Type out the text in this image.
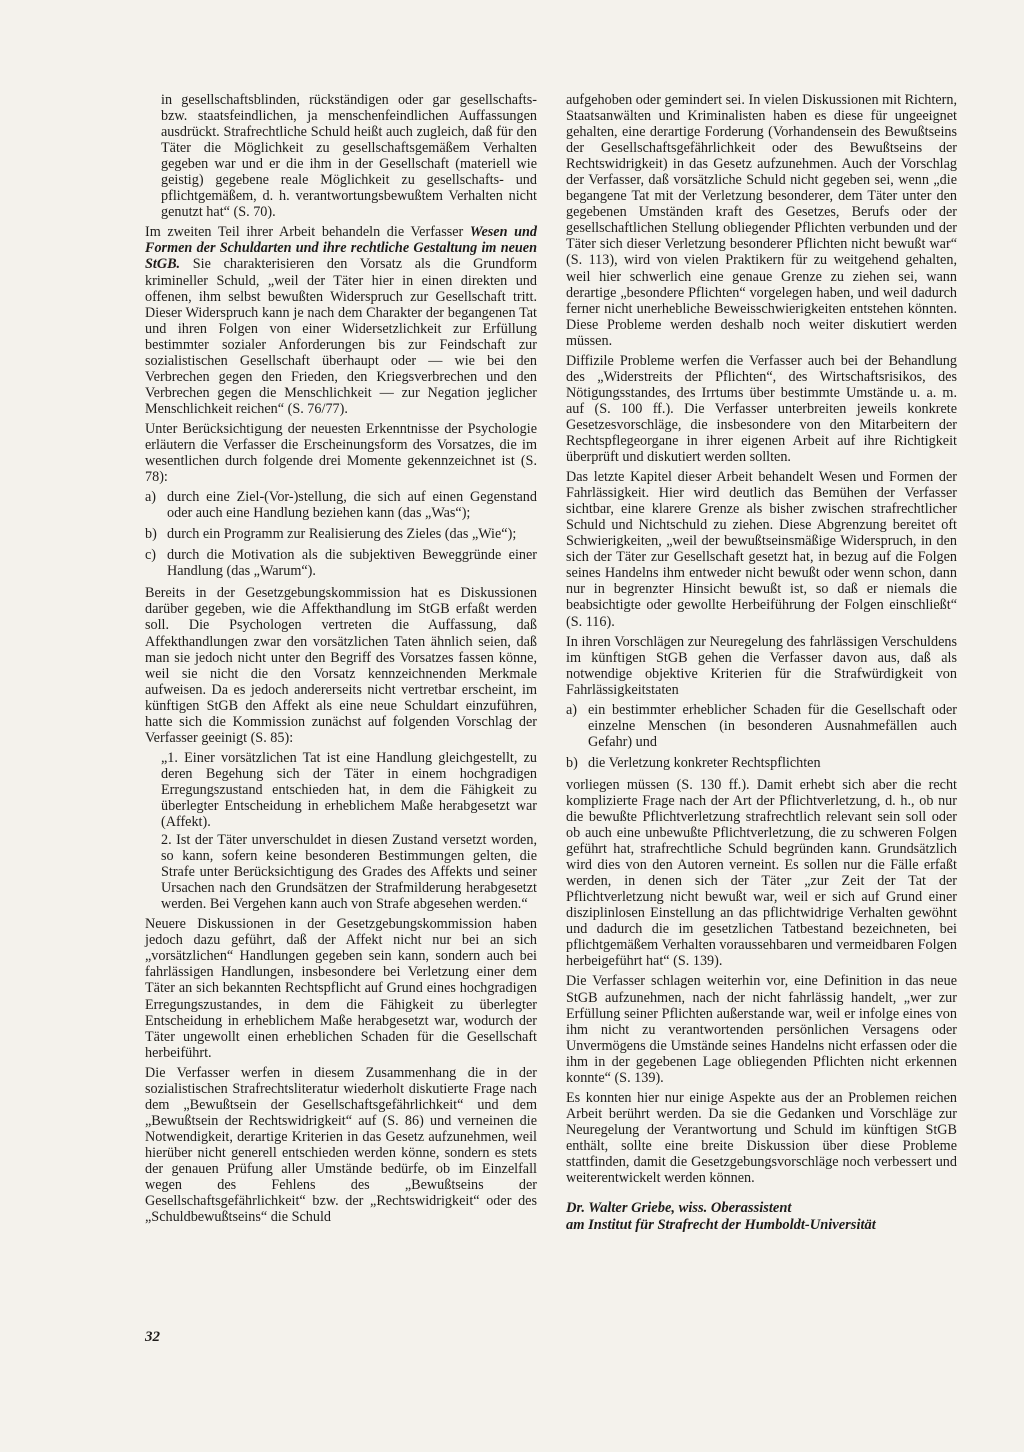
in gesellschaftsblinden, rückständigen oder gar gesellschafts- bzw. staatsfeindlichen, ja menschenfeindlichen Auffassungen ausdrückt. Strafrechtliche Schuld heißt auch zugleich, daß für den Täter die Möglichkeit zu gesellschaftsgemäßem Verhalten gegeben war und er die ihm in der Gesellschaft (materiell wie geistig) gegebene reale Möglichkeit zu gesellschafts- und pflichtgemäßem, d. h. verantwortungsbewußtem Verhalten nicht genutzt hat“ (S. 70).

Im zweiten Teil ihrer Arbeit behandeln die Verfasser Wesen und Formen der Schuldarten und ihre rechtliche Gestaltung im neuen StGB. Sie charakterisieren den Vorsatz als die Grundform krimineller Schuld, „weil der Täter hier in einen direkten und offenen, ihm selbst bewußten Widerspruch zur Gesellschaft tritt. Dieser Widerspruch kann je nach dem Charakter der begangenen Tat und ihren Folgen von einer Widersetzlichkeit zur Erfüllung bestimmter sozialer Anforderungen bis zur Feindschaft zur sozialistischen Gesellschaft überhaupt oder — wie bei den Verbrechen gegen den Frieden, den Kriegsverbrechen und den Verbrechen gegen die Menschlichkeit — zur Negation jeglicher Menschlichkeit reichen“ (S. 76/77).

Unter Berücksichtigung der neuesten Erkenntnisse der Psychologie erläutern die Verfasser die Erscheinungsform des Vorsatzes, die im wesentlichen durch folgende drei Momente gekennzeichnet ist (S. 78):

a) durch eine Ziel-(Vor-)stellung, die sich auf einen Gegenstand oder auch eine Handlung beziehen kann (das „Was“);
b) durch ein Programm zur Realisierung des Zieles (das „Wie“);
c) durch die Motivation als die subjektiven Beweggründe einer Handlung (das „Warum“).

Bereits in der Gesetzgebungskommission hat es Diskussionen darüber gegeben, wie die Affekthandlung im StGB erfaßt werden soll. Die Psychologen vertreten die Auffassung, daß Affekthandlungen zwar den vorsätzlichen Taten ähnlich seien, daß man sie jedoch nicht unter den Begriff des Vorsatzes fassen könne, weil sie nicht die den Vorsatz kennzeichnenden Merkmale aufweisen. Da es jedoch andererseits nicht vertretbar erscheint, im künftigen StGB den Affekt als eine neue Schuldart einzuführen, hatte sich die Kommission zunächst auf folgenden Vorschlag der Verfasser geeinigt (S. 85):

„1. Einer vorsätzlichen Tat ist eine Handlung gleichgestellt, zu deren Begehung sich der Täter in einem hochgradigen Erregungszustand entschieden hat, in dem die Fähigkeit zu überlegter Entscheidung in erheblichem Maße herabgesetzt war (Affekt).

2. Ist der Täter unverschuldet in diesen Zustand versetzt worden, so kann, sofern keine besonderen Bestimmungen gelten, die Strafe unter Berücksichtigung des Grades des Affekts und seiner Ursachen nach den Grundsätzen der Strafmilderung herabgesetzt werden. Bei Vergehen kann auch von Strafe abgesehen werden.“

Neuere Diskussionen in der Gesetzgebungskommission haben jedoch dazu geführt, daß der Affekt nicht nur bei an sich „vorsätzlichen“ Handlungen gegeben sein kann, sondern auch bei fahrlässigen Handlungen, insbesondere bei Verletzung einer dem Täter an sich bekannten Rechtspflicht auf Grund eines hochgradigen Erregungszustandes, in dem die Fähigkeit zu überlegter Entscheidung in erheblichem Maße herabgesetzt war, wodurch der Täter ungewollt einen erheblichen Schaden für die Gesellschaft herbeiführt.

Die Verfasser werfen in diesem Zusammenhang die in der sozialistischen Strafrechtsliteratur wiederholt diskutierte Frage nach dem „Bewußtsein der Gesellschaftsgefährlichkeit“ und dem „Bewußtsein der Rechtswidrigkeit“ auf (S. 86) und verneinen die Notwendigkeit, derartige Kriterien in das Gesetz aufzunehmen, weil hierüber nicht generell entschieden werden könne, sondern es stets der genauen Prüfung aller Umstände bedürfe, ob im Einzelfall wegen des Fehlens des „Bewußtseins der Gesellschaftsgefährlichkeit“ bzw. der „Rechtswidrigkeit“ oder des „Schuldbewußtseins“ die Schuld

aufgehoben oder gemindert sei. In vielen Diskussionen mit Richtern, Staatsanwälten und Kriminalisten haben es diese für ungeeignet gehalten, eine derartige Forderung (Vorhandensein des Bewußtseins der Gesellschaftsgefährlichkeit oder des Bewußtseins der Rechtswidrigkeit) in das Gesetz aufzunehmen. Auch der Vorschlag der Verfasser, daß vorsätzliche Schuld nicht gegeben sei, wenn „die begangene Tat mit der Verletzung besonderer, dem Täter unter den gegebenen Umständen kraft des Gesetzes, Berufs oder der gesellschaftlichen Stellung obliegender Pflichten verbunden und der Täter sich dieser Verletzung besonderer Pflichten nicht bewußt war“ (S. 113), wird von vielen Praktikern für zu weitgehend gehalten, weil hier schwerlich eine genaue Grenze zu ziehen sei, wann derartige „besondere Pflichten“ vorgelegen haben, und weil dadurch ferner nicht unerhebliche Beweisschwierigkeiten entstehen könnten. Diese Probleme werden deshalb noch weiter diskutiert werden müssen.

Diffizile Probleme werfen die Verfasser auch bei der Behandlung des „Widerstreits der Pflichten“, des Wirtschaftsrisikos, des Nötigungsstandes, des Irrtums über bestimmte Umstände u. a. m. auf (S. 100 ff.). Die Verfasser unterbreiten jeweils konkrete Gesetzesvorschläge, die insbesondere von den Mitarbeitern der Rechtspflegeorgane in ihrer eigenen Arbeit auf ihre Richtigkeit überprüft und diskutiert werden sollten.

Das letzte Kapitel dieser Arbeit behandelt Wesen und Formen der Fahrlässigkeit. Hier wird deutlich das Bemühen der Verfasser sichtbar, eine klarere Grenze als bisher zwischen strafrechtlicher Schuld und Nichtschuld zu ziehen. Diese Abgrenzung bereitet oft Schwierigkeiten, „weil der bewußtseinsmäßige Widerspruch, in den sich der Täter zur Gesellschaft gesetzt hat, in bezug auf die Folgen seines Handelns ihm entweder nicht bewußt oder wenn schon, dann nur in begrenzter Hinsicht bewußt ist, so daß er niemals die beabsichtigte oder gewollte Herbeiführung der Folgen einschließt“ (S. 116).

In ihren Vorschlägen zur Neuregelung des fahrlässigen Verschuldens im künftigen StGB gehen die Verfasser davon aus, daß als notwendige objektive Kriterien für die Strafwürdigkeit von Fahrlässigkeitstaten

a) ein bestimmter erheblicher Schaden für die Gesellschaft oder einzelne Menschen (in besonderen Ausnahmefällen auch Gefahr) und
b) die Verletzung konkreter Rechtspflichten

vorliegen müssen (S. 130 ff.). Damit erhebt sich aber die recht komplizierte Frage nach der Art der Pflichtverletzung, d. h., ob nur die bewußte Pflichtverletzung strafrechtlich relevant sein soll oder ob auch eine unbewußte Pflichtverletzung, die zu schweren Folgen geführt hat, strafrechtliche Schuld begründen kann. Grundsätzlich wird dies von den Autoren verneint. Es sollen nur die Fälle erfaßt werden, in denen sich der Täter „zur Zeit der Tat der Pflichtverletzung nicht bewußt war, weil er sich auf Grund einer disziplinlosen Einstellung an das pflichtwidrige Verhalten gewöhnt und dadurch die im gesetzlichen Tatbestand bezeichneten, bei pflichtgemäßem Verhalten voraussehbaren und vermeidbaren Folgen herbeigeführt hat“ (S. 139).

Die Verfasser schlagen weiterhin vor, eine Definition in das neue StGB aufzunehmen, nach der nicht fahrlässig handelt, „wer zur Erfüllung seiner Pflichten außerstande war, weil er infolge eines von ihm nicht zu verantwortenden persönlichen Versagens oder Unvermögens die Umstände seines Handelns nicht erfassen oder die ihm in der gegebenen Lage obliegenden Pflichten nicht erkennen konnte“ (S. 139).

Es konnten hier nur einige Aspekte aus der an Problemen reichen Arbeit berührt werden. Da sie die Gedanken und Vorschläge zur Neuregelung der Verantwortung und Schuld im künftigen StGB enthält, sollte eine breite Diskussion über diese Probleme stattfinden, damit die Gesetzgebungsvorschläge noch verbessert und weiterentwickelt werden können.

Dr. Walter Griebe, wiss. Oberassistent
am Institut für Strafrecht der Humboldt-Universität
32
